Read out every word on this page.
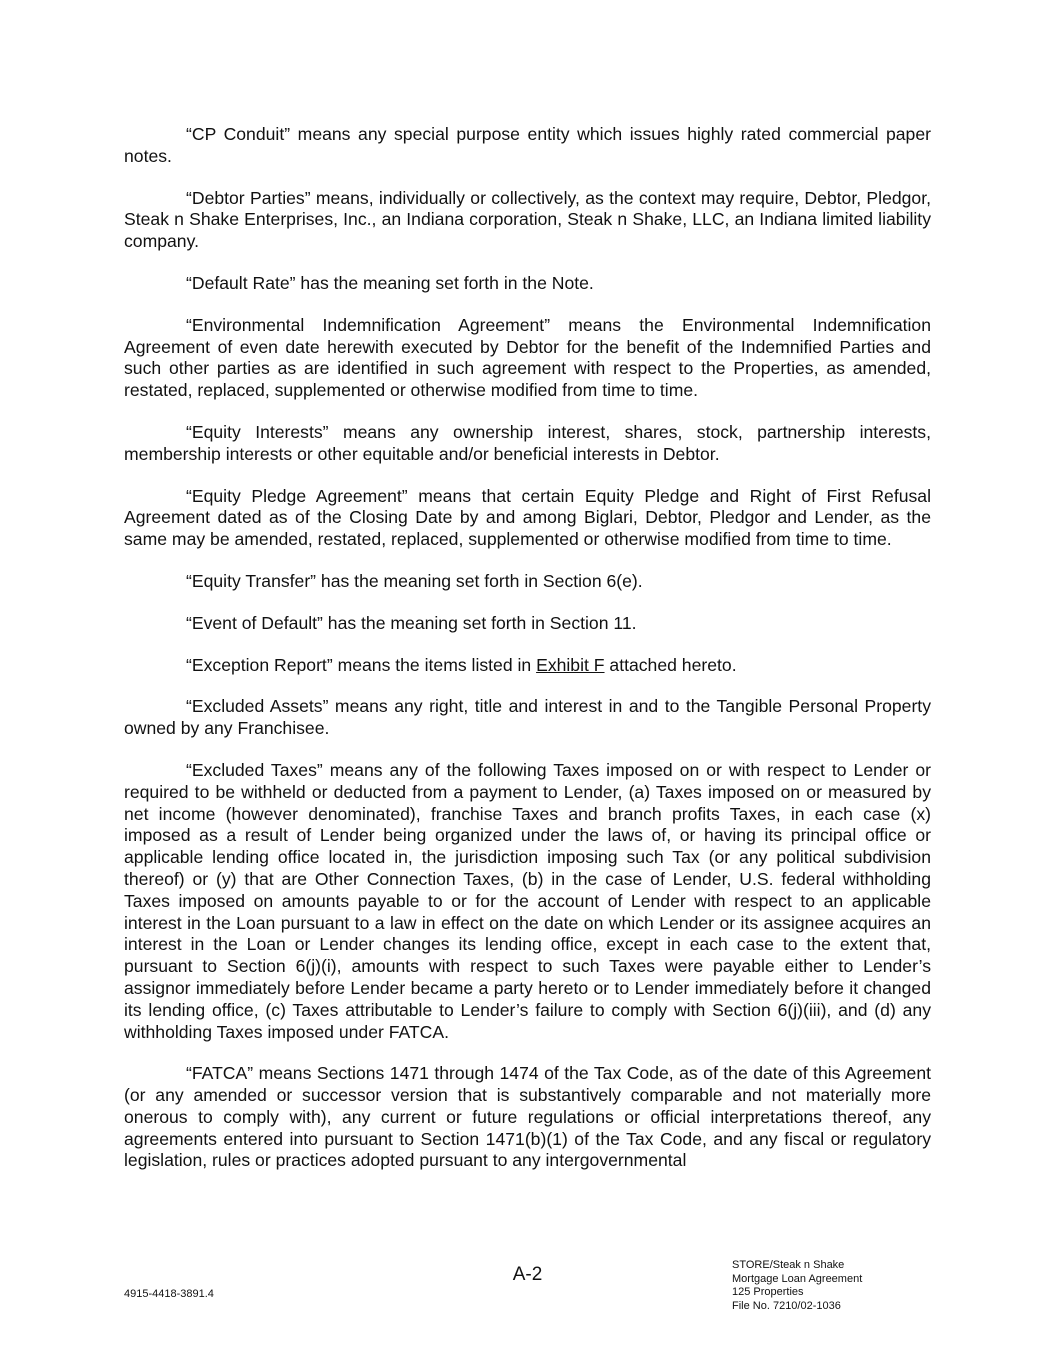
“CP Conduit” means any special purpose entity which issues highly rated commercial paper notes.

“Debtor Parties” means, individually or collectively, as the context may require, Debtor, Pledgor, Steak n Shake Enterprises, Inc., an Indiana corporation, Steak n Shake, LLC, an Indiana limited liability company.

“Default Rate” has the meaning set forth in the Note.

“Environmental Indemnification Agreement” means the Environmental Indemnification Agreement of even date herewith executed by Debtor for the benefit of the Indemnified Parties and such other parties as are identified in such agreement with respect to the Properties, as amended, restated, replaced, supplemented or otherwise modified from time to time.

“Equity Interests” means any ownership interest, shares, stock, partnership interests, membership interests or other equitable and/or beneficial interests in Debtor.

“Equity Pledge Agreement” means that certain Equity Pledge and Right of First Refusal Agreement dated as of the Closing Date by and among Biglari, Debtor, Pledgor and Lender, as the same may be amended, restated, replaced, supplemented or otherwise modified from time to time.

“Equity Transfer” has the meaning set forth in Section 6(e).

“Event of Default” has the meaning set forth in Section 11.

“Exception Report” means the items listed in Exhibit F attached hereto.

“Excluded Assets” means any right, title and interest in and to the Tangible Personal Property owned by any Franchisee.

“Excluded Taxes” means any of the following Taxes imposed on or with respect to Lender or required to be withheld or deducted from a payment to Lender, (a) Taxes imposed on or measured by net income (however denominated), franchise Taxes and branch profits Taxes, in each case (x) imposed as a result of Lender being organized under the laws of, or having its principal office or applicable lending office located in, the jurisdiction imposing such Tax (or any political subdivision thereof) or (y) that are Other Connection Taxes, (b) in the case of Lender, U.S. federal withholding Taxes imposed on amounts payable to or for the account of Lender with respect to an applicable interest in the Loan pursuant to a law in effect on the date on which Lender or its assignee acquires an interest in the Loan or Lender changes its lending office, except in each case to the extent that, pursuant to Section 6(j)(i), amounts with respect to such Taxes were payable either to Lender’s assignor immediately before Lender became a party hereto or to Lender immediately before it changed its lending office, (c) Taxes attributable to Lender’s failure to comply with Section 6(j)(iii), and (d) any withholding Taxes imposed under FATCA.

“FATCA” means Sections 1471 through 1474 of the Tax Code, as of the date of this Agreement (or any amended or successor version that is substantively comparable and not materially more onerous to comply with), any current or future regulations or official interpretations thereof, any agreements entered into pursuant to Section 1471(b)(1) of the Tax Code, and any fiscal or regulatory legislation, rules or practices adopted pursuant to any intergovernmental

A-2
4915-4418-3891.4
STORE/Steak n Shake
Mortgage Loan Agreement
125 Properties
File No. 7210/02-1036
